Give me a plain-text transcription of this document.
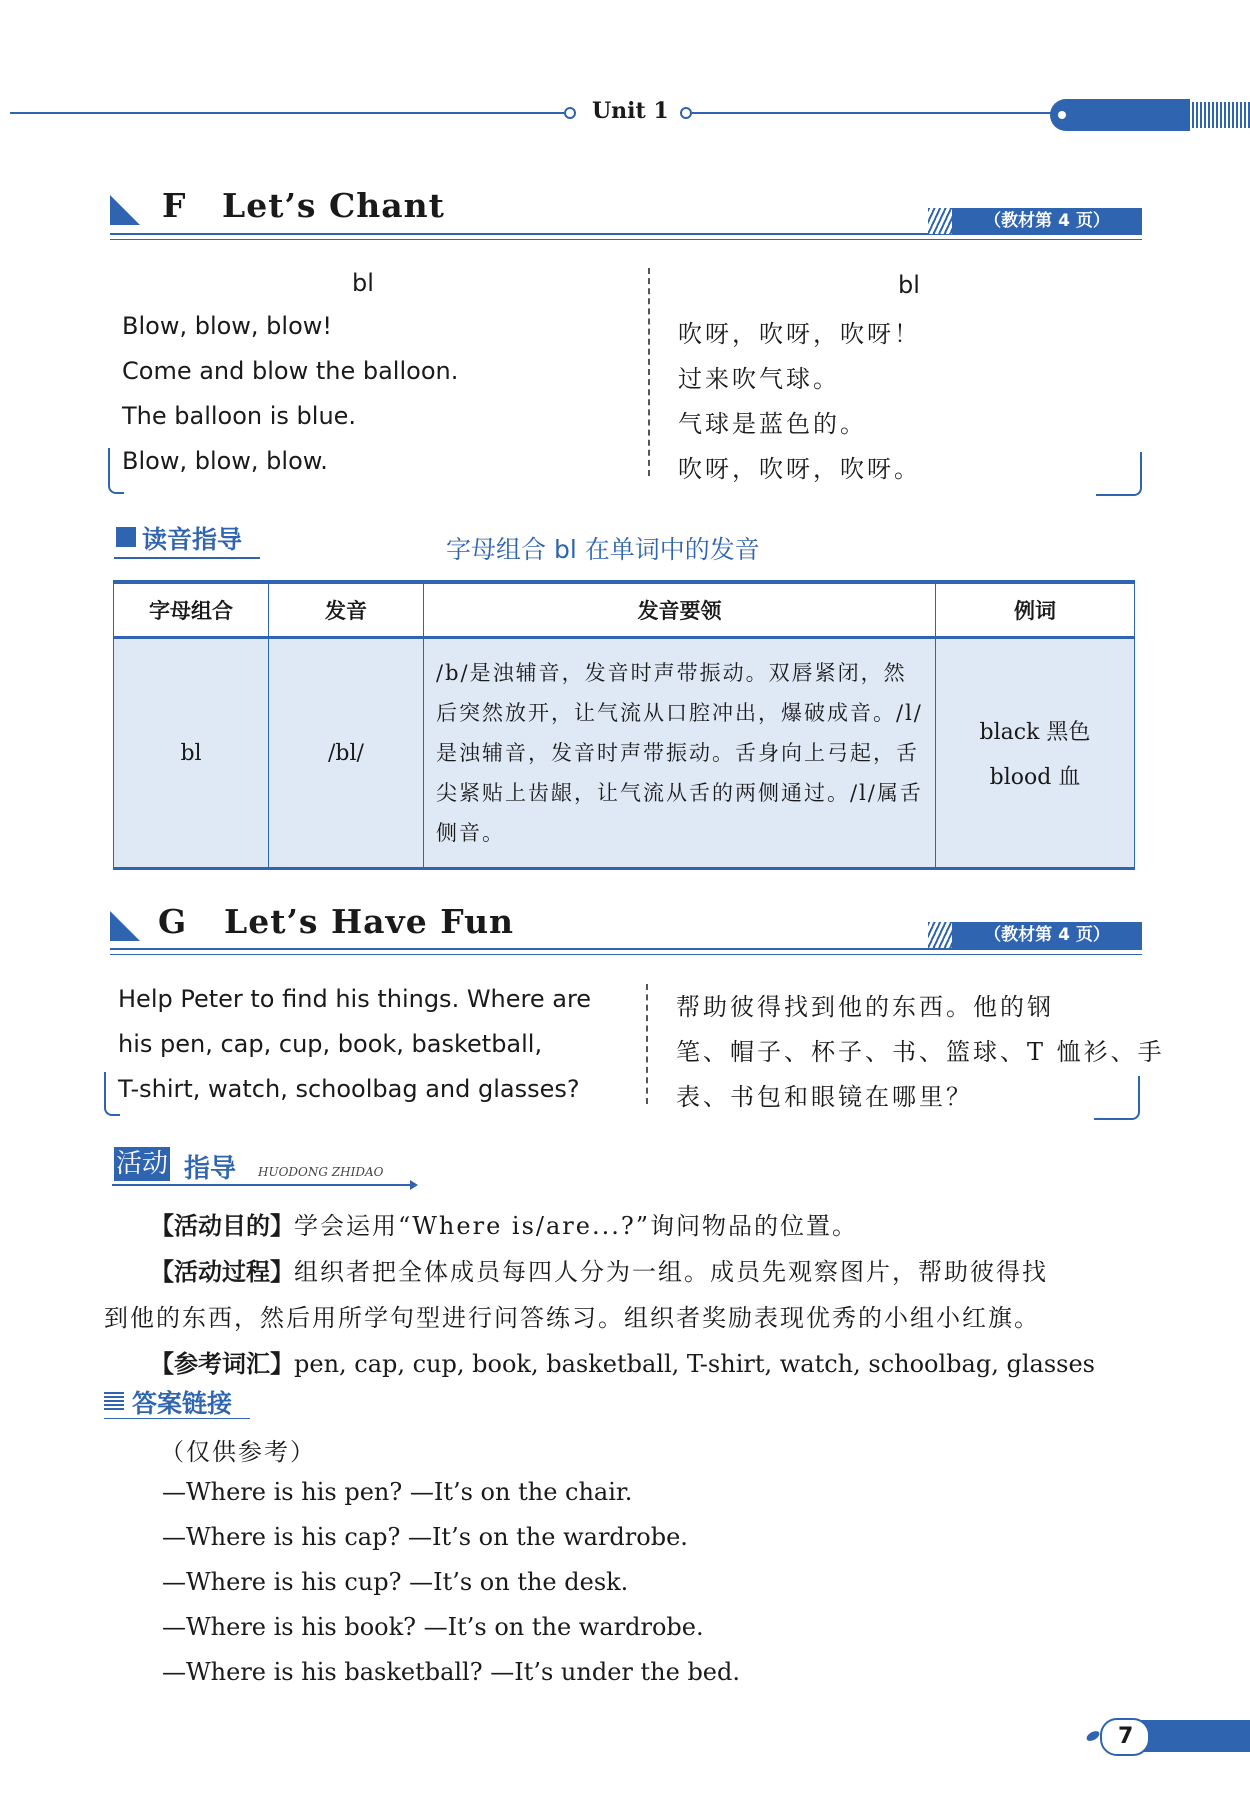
Unit 1
F Let’s Chant	（教材第 4 页）
bl	bl
Blow, blow, blow!
Come and blow the balloon.
The balloon is blue.
Blow, blow, blow.
吹呀，吹呀，吹呀！
过来吹气球。
气球是蓝色的。
吹呀，吹呀，吹呀。
读音指导	字母组合 bl 在单词中的发音
字母组合	发音	发音要领	例词
bl	/bl/	/b/是浊辅音，发音时声带振动。双唇紧闭，然后突然放开，让气流从口腔冲出，爆破成音。/l/是浊辅音，发音时声带振动。舌身向上弓起，舌尖紧贴上齿龈，让气流从舌的两侧通过。/l/属舌侧音。	black 黑色
blood 血
G Let’s Have Fun	（教材第 4 页）
Help Peter to find his things. Where are
his pen, cap, cup, book, basketball,
T-shirt, watch, schoolbag and glasses?
帮助彼得找到他的东西。他的钢
笔、帽子、杯子、书、篮球、T 恤衫、手
表、书包和眼镜在哪里？
活动 指导 HUODONG ZHIDAO
【活动目的】学会运用“Where is/are...?”询问物品的位置。
【活动过程】组织者把全体成员每四人分为一组。成员先观察图片，帮助彼得找
到他的东西，然后用所学句型进行问答练习。组织者奖励表现优秀的小组小红旗。
【参考词汇】pen, cap, cup, book, basketball, T-shirt, watch, schoolbag, glasses
答案链接
（仅供参考）
—Where is his pen? —It’s on the chair.
—Where is his cap? —It’s on the wardrobe.
—Where is his cup? —It’s on the desk.
—Where is his book? —It’s on the wardrobe.
—Where is his basketball? —It’s under the bed.
7
